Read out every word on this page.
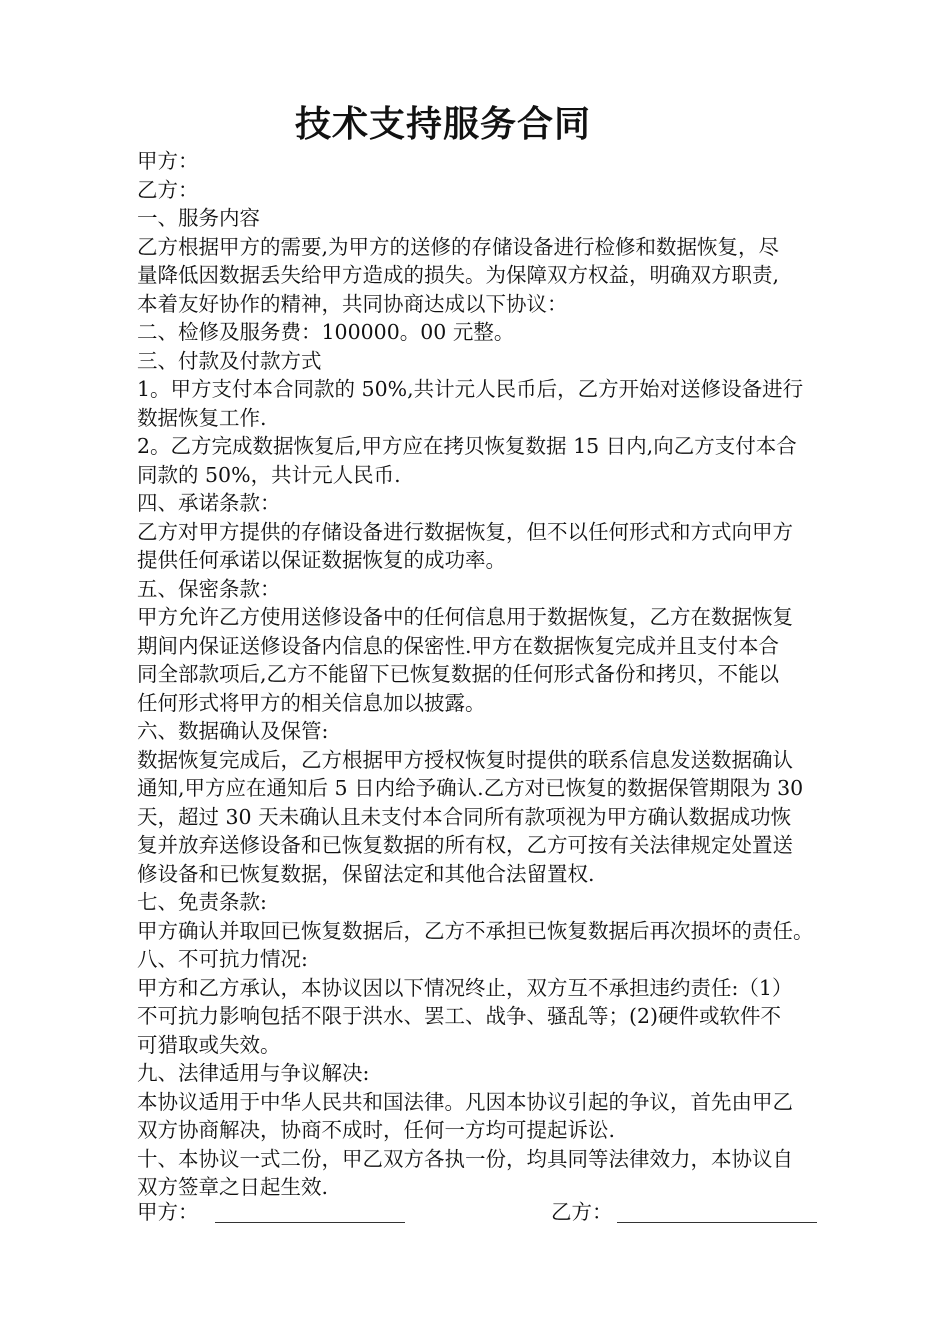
技术支持服务合同
甲方：
乙方：
一、服务内容
乙方根据甲方的需要,为甲方的送修的存储设备进行检修和数据恢复，尽
量降低因数据丢失给甲方造成的损失。为保障双方权益，明确双方职责,
本着友好协作的精神，共同协商达成以下协议：
二、检修及服务费：100000。00 元整。
三、付款及付款方式
1。甲方支付本合同款的 50%,共计元人民币后，乙方开始对送修设备进行
数据恢复工作.
2。乙方完成数据恢复后,甲方应在拷贝恢复数据 15 日内,向乙方支付本合
同款的 50%，共计元人民币.
四、承诺条款：
乙方对甲方提供的存储设备进行数据恢复，但不以任何形式和方式向甲方
提供任何承诺以保证数据恢复的成功率。
五、保密条款：
甲方允许乙方使用送修设备中的任何信息用于数据恢复，乙方在数据恢复
期间内保证送修设备内信息的保密性.甲方在数据恢复完成并且支付本合
同全部款项后,乙方不能留下已恢复数据的任何形式备份和拷贝，不能以
任何形式将甲方的相关信息加以披露。
六、数据确认及保管:
数据恢复完成后，乙方根据甲方授权恢复时提供的联系信息发送数据确认
通知,甲方应在通知后 5 日内给予确认.乙方对已恢复的数据保管期限为 30
天，超过 30 天未确认且未支付本合同所有款项视为甲方确认数据成功恢
复并放弃送修设备和已恢复数据的所有权，乙方可按有关法律规定处置送
修设备和已恢复数据，保留法定和其他合法留置权.
七、免责条款:
甲方确认并取回已恢复数据后，乙方不承担已恢复数据后再次损坏的责任。
八、不可抗力情况:
甲方和乙方承认，本协议因以下情况终止，双方互不承担违约责任:（1）
不可抗力影响包括不限于洪水、罢工、战争、骚乱等；(2)硬件或软件不
可猎取或失效。
九、法律适用与争议解决:
本协议适用于中华人民共和国法律。凡因本协议引起的争议，首先由甲乙
双方协商解决，协商不成时，任何一方均可提起诉讼.
十、本协议一式二份，甲乙双方各执一份，均具同等法律效力，本协议自
双方签章之日起生效.
甲方：	乙方：
